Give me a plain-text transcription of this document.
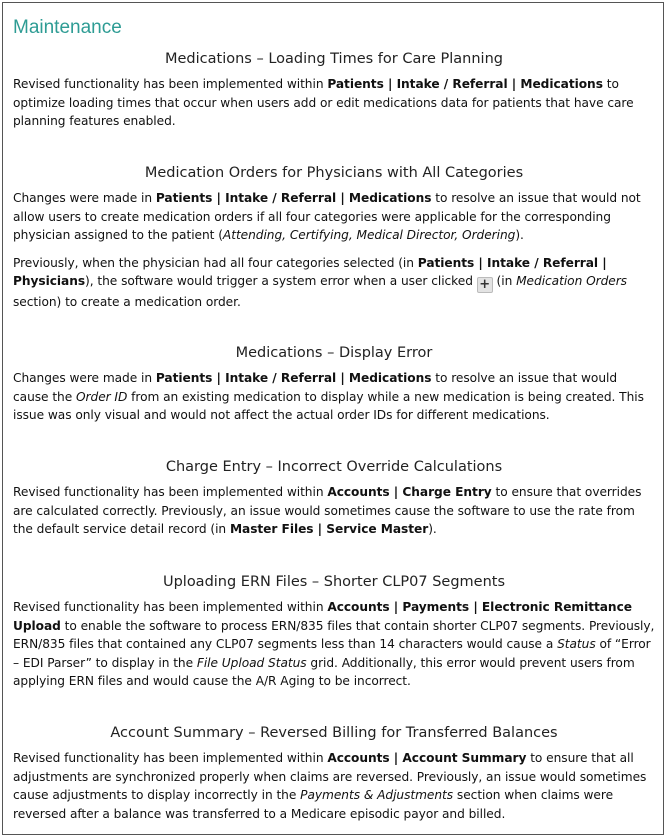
Maintenance
Medications – Loading Times for Care Planning

Revised functionality has been implemented within Patients | Intake / Referral | Medications to optimize loading times that occur when users add or edit medications data for patients that have care planning features enabled.

Medication Orders for Physicians with All Categories

Changes were made in Patients | Intake / Referral | Medications to resolve an issue that would not allow users to create medication orders if all four categories were applicable for the corresponding physician assigned to the patient (Attending, Certifying, Medical Director, Ordering).

Previously, when the physician had all four categories selected (in Patients | Intake / Referral | Physicians), the software would trigger a system error when a user clicked + (in Medication Orders section) to create a medication order.

Medications – Display Error

Changes were made in Patients | Intake / Referral | Medications to resolve an issue that would cause the Order ID from an existing medication to display while a new medication is being created. This issue was only visual and would not affect the actual order IDs for different medications.

Charge Entry – Incorrect Override Calculations

Revised functionality has been implemented within Accounts | Charge Entry to ensure that overrides are calculated correctly. Previously, an issue would sometimes cause the software to use the rate from the default service detail record (in Master Files | Service Master).

Uploading ERN Files – Shorter CLP07 Segments

Revised functionality has been implemented within Accounts | Payments | Electronic Remittance Upload to enable the software to process ERN/835 files that contain shorter CLP07 segments. Previously, ERN/835 files that contained any CLP07 segments less than 14 characters would cause a Status of “Error – EDI Parser” to display in the File Upload Status grid. Additionally, this error would prevent users from applying ERN files and would cause the A/R Aging to be incorrect.

Account Summary – Reversed Billing for Transferred Balances

Revised functionality has been implemented within Accounts | Account Summary to ensure that all adjustments are synchronized properly when claims are reversed. Previously, an issue would sometimes cause adjustments to display incorrectly in the Payments & Adjustments section when claims were reversed after a balance was transferred to a Medicare episodic payor and billed.
